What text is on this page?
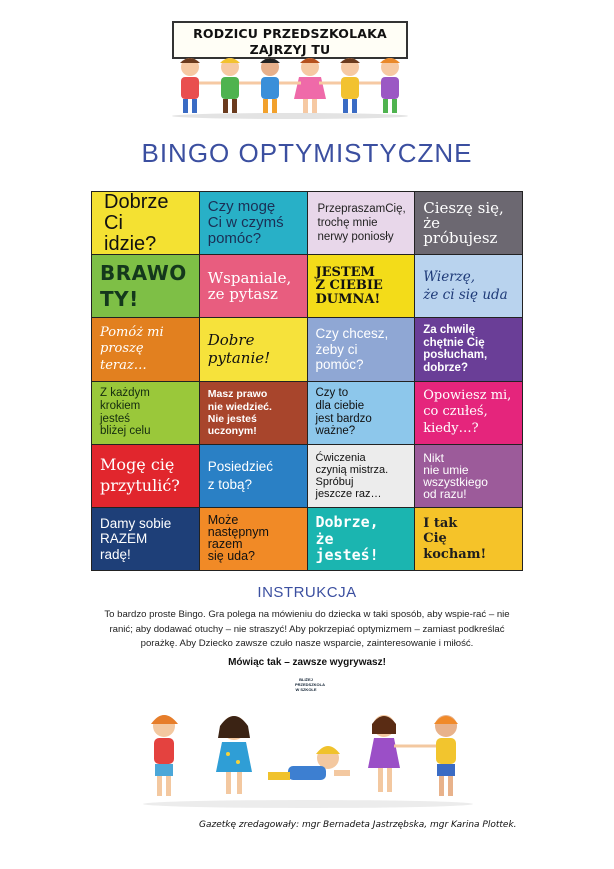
RODZICU PRZEDSZKOLAKA
ZAJRZYJ TU
BINGO OPTYMISTYCZNE
Dobrze
Ci
idzie?
Czy mogę
Ci w czymś
pomóc?
PrzepraszamCię,
trochę mnie
nerwy poniosły
Cieszę się,
że
próbujesz
BRAWO
TY!
Wspaniale,
ze pytasz
JESTEM
Z CIEBIE
DUMNA!
Wierzę,
że ci się uda
Pomóż mi
proszę
teraz…
Dobre
pytanie!
Czy chcesz,
żeby ci
pomóc?
Za chwilę
chętnie Cię
posłucham,
dobrze?
Z każdym
krokiem
jesteś
bliżej celu
Masz prawo
nie wiedzieć.
Nie jesteś
uczonym!
Czy to
dla ciebie
jest bardzo
ważne?
Opowiesz mi,
co czułeś,
kiedy…?
Mogę cię
przytulić?
Posiedzieć
z tobą?
Ćwiczenia
czynią mistrza.
Spróbuj
jeszcze raz…
Nikt
nie umie
wszystkiego
od razu!
Damy sobie
RAZEM
radę!
Może
następnym
razem
się uda?
Dobrze,
że
jesteś!
I tak
Cię
kocham!
INSTRUKCJA
To bardzo proste Bingo. Gra polega na mówieniu do dziecka w taki sposób, aby wspie-rać – nie ranić; aby dodawać otuchy – nie straszyć! Aby pokrzepiać optymizmem – zamiast podkreślać porażkę. Aby Dziecko zawsze czuło nasze wsparcie, zainteresowanie i miłość.
Mówiąc tak – zawsze wygrywasz!
BLIŻEJ PRZEDSZKOLA W SZKOLE
Gazetkę zredagowały: mgr Bernadeta Jastrzębska, mgr Karina Plottek.
